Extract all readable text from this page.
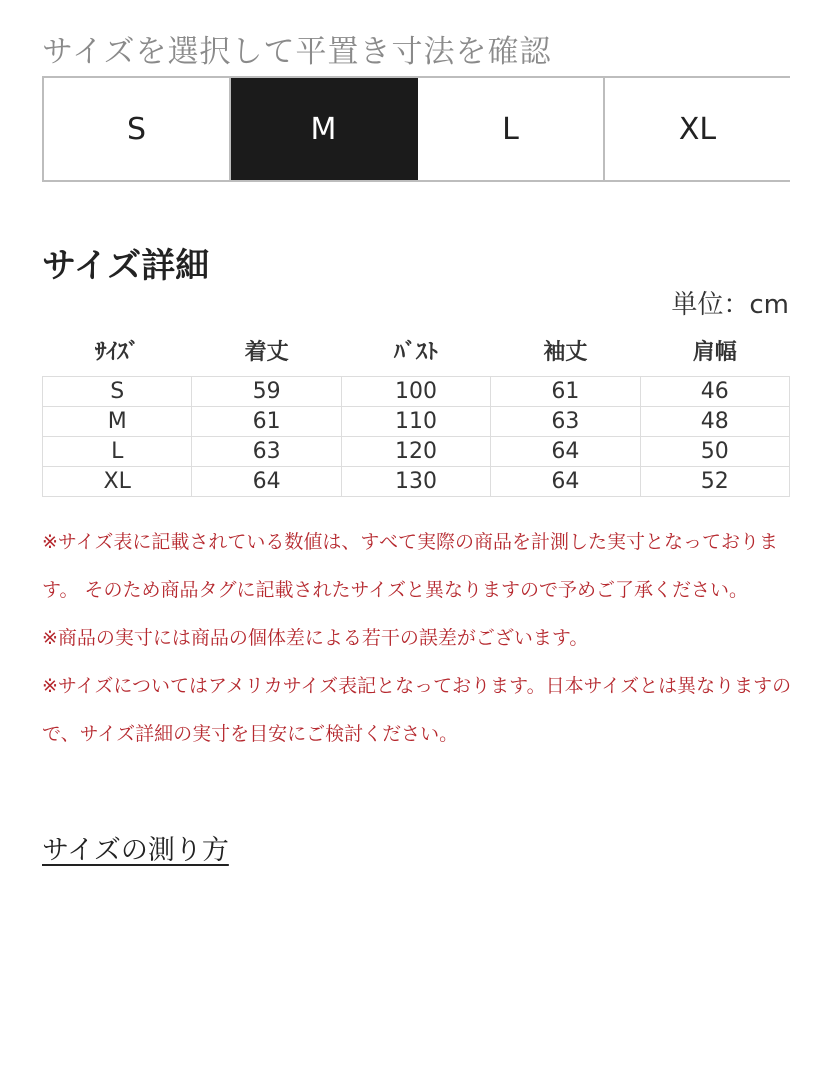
サイズを選択して平置き寸法を確認
S	M	L	XL
サイズ詳細
単位：cm
ｻｲｽﾞ	着丈	ﾊﾞｽﾄ	袖丈	肩幅
S	59	100	61	46
M	61	110	63	48
L	63	120	64	50
XL	64	130	64	52

※サイズ表に記載されている数値は、すべて実際の商品を計測した実寸となっております。 そのため商品タグに記載されたサイズと異なりますので予めご了承ください。

※商品の実寸には商品の個体差による若干の誤差がございます。

※サイズについてはアメリカサイズ表記となっております。日本サイズとは異なりますので、サイズ詳細の実寸を目安にご検討ください。

サイズの測り方
